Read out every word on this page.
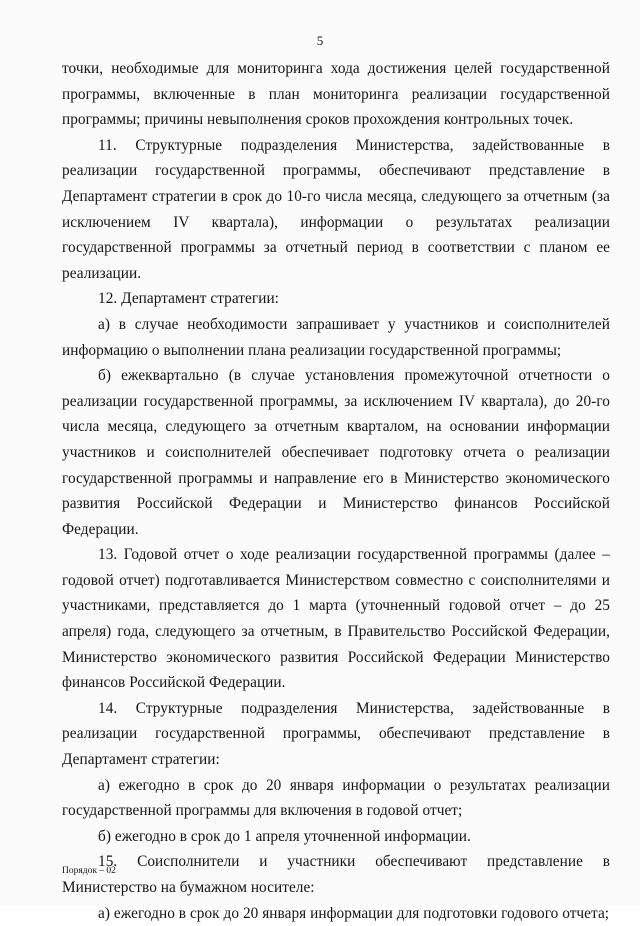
5

точки, необходимые для мониторинга хода достижения целей государственной программы, включенные в план мониторинга реализации государственной программы; причины невыполнения сроков прохождения контрольных точек.

11. Структурные подразделения Министерства, задействованные в реализации государственной программы, обеспечивают представление в Департамент стратегии в срок до 10-го числа месяца, следующего за отчетным (за исключением IV квартала), информации о результатах реализации государственной программы за отчетный период в соответствии с планом ее реализации.

12. Департамент стратегии:

а) в случае необходимости запрашивает у участников и соисполнителей информацию о выполнении плана реализации государственной программы;

б) ежеквартально (в случае установления промежуточной отчетности о реализации государственной программы, за исключением IV квартала), до 20-го числа месяца, следующего за отчетным кварталом, на основании информации участников и соисполнителей обеспечивает подготовку отчета о реализации государственной программы и направление его в Министерство экономического развития Российской Федерации и Министерство финансов Российской Федерации.

13. Годовой отчет о ходе реализации государственной программы (далее – годовой отчет) подготавливается Министерством совместно с соисполнителями и участниками, представляется до 1 марта (уточненный годовой отчет – до 25 апреля) года, следующего за отчетным, в Правительство Российской Федерации, Министерство экономического развития Российской Федерации Министерство финансов Российской Федерации.

14. Структурные подразделения Министерства, задействованные в реализации государственной программы, обеспечивают представление в Департамент стратегии:

а) ежегодно в срок до 20 января информации о результатах реализации государственной программы для включения в годовой отчет;

б) ежегодно в срок до 1 апреля уточненной информации.

15. Соисполнители и участники обеспечивают представление в Министерство на бумажном носителе:

а) ежегодно в срок до 20 января информации для подготовки годового отчета;

Порядок – 02
